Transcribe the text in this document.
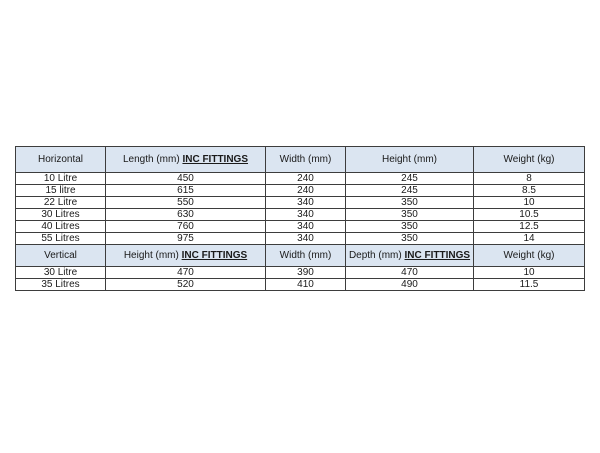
Horizontal	Length (mm) INC FITTINGS	Width (mm)	Height (mm)	Weight (kg)
10 Litre	450	240	245	8
15 litre	615	240	245	8.5
22 Litre	550	340	350	10
30 Litres	630	340	350	10.5
40 Litres	760	340	350	12.5
55 Litres	975	340	350	14
Vertical	Height (mm) INC FITTINGS	Width (mm)	Depth (mm) INC FITTINGS	Weight (kg)
30 Litre	470	390	470	10
35 Litres	520	410	490	11.5
